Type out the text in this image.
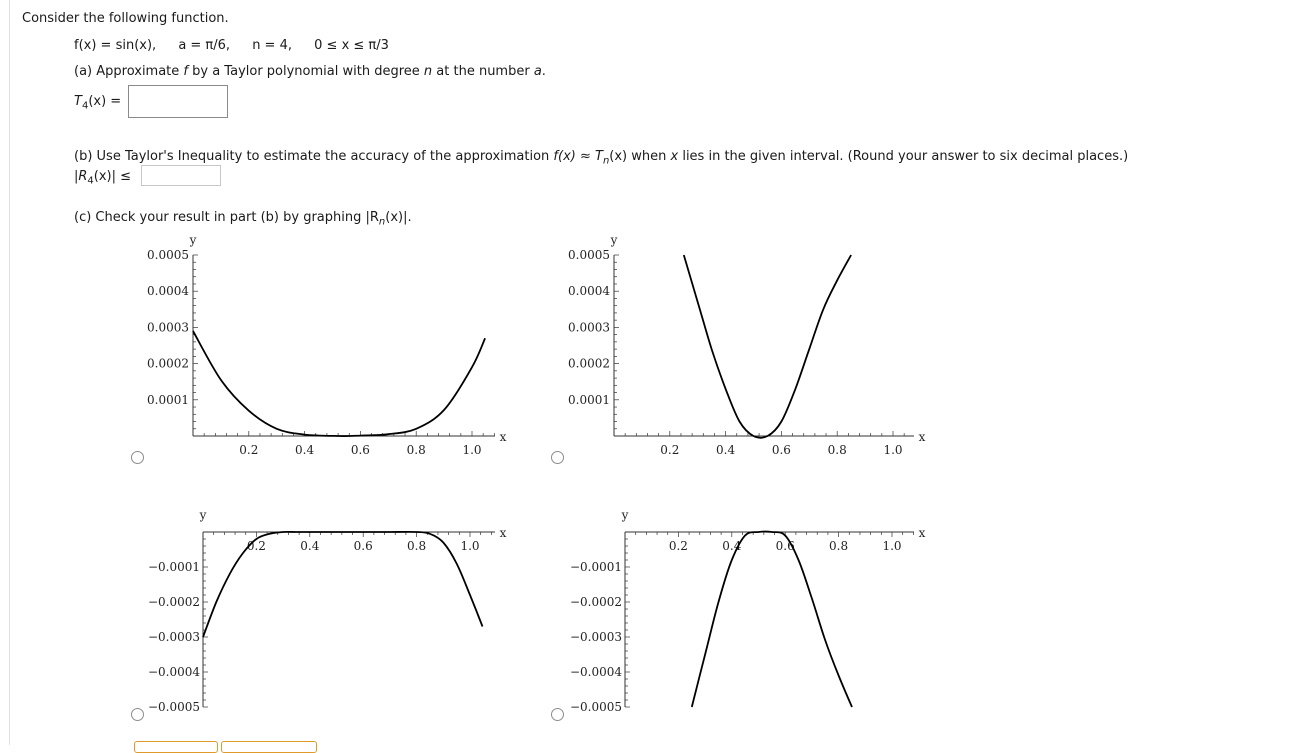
Consider the following function.
f(x) = sin(x), a = π/6, n = 4, 0 ≤ x ≤ π/3
(a) Approximate f by a Taylor polynomial with degree n at the number a.
$T_4(x)$ =
(b) Use Taylor's Inequality to estimate the accuracy of the approximation $f(x) \approx T_n(x)$ when x lies in the given interval. (Round your answer to six decimal places.)
$|R_4(x)|$ ≤
(c) Check your result in part (b) by graphing $|R_n(x)|$.
0.0005
0.0004
0.0003
0.0002
0.0001
0.2	0.4	0.6	0.8	1.0
y
x
0.0005
0.0004
0.0003
0.0002
0.0001
0.2	0.4	0.6	0.8	1.0
y
x
−0.0001
−0.0002
−0.0003
−0.0004
−0.0005
0.2	0.4	0.6	0.8	1.0
y
x
−0.0001
−0.0002
−0.0003
−0.0004
−0.0005
0.2	0.4	0.6	0.8	1.0
y
x
